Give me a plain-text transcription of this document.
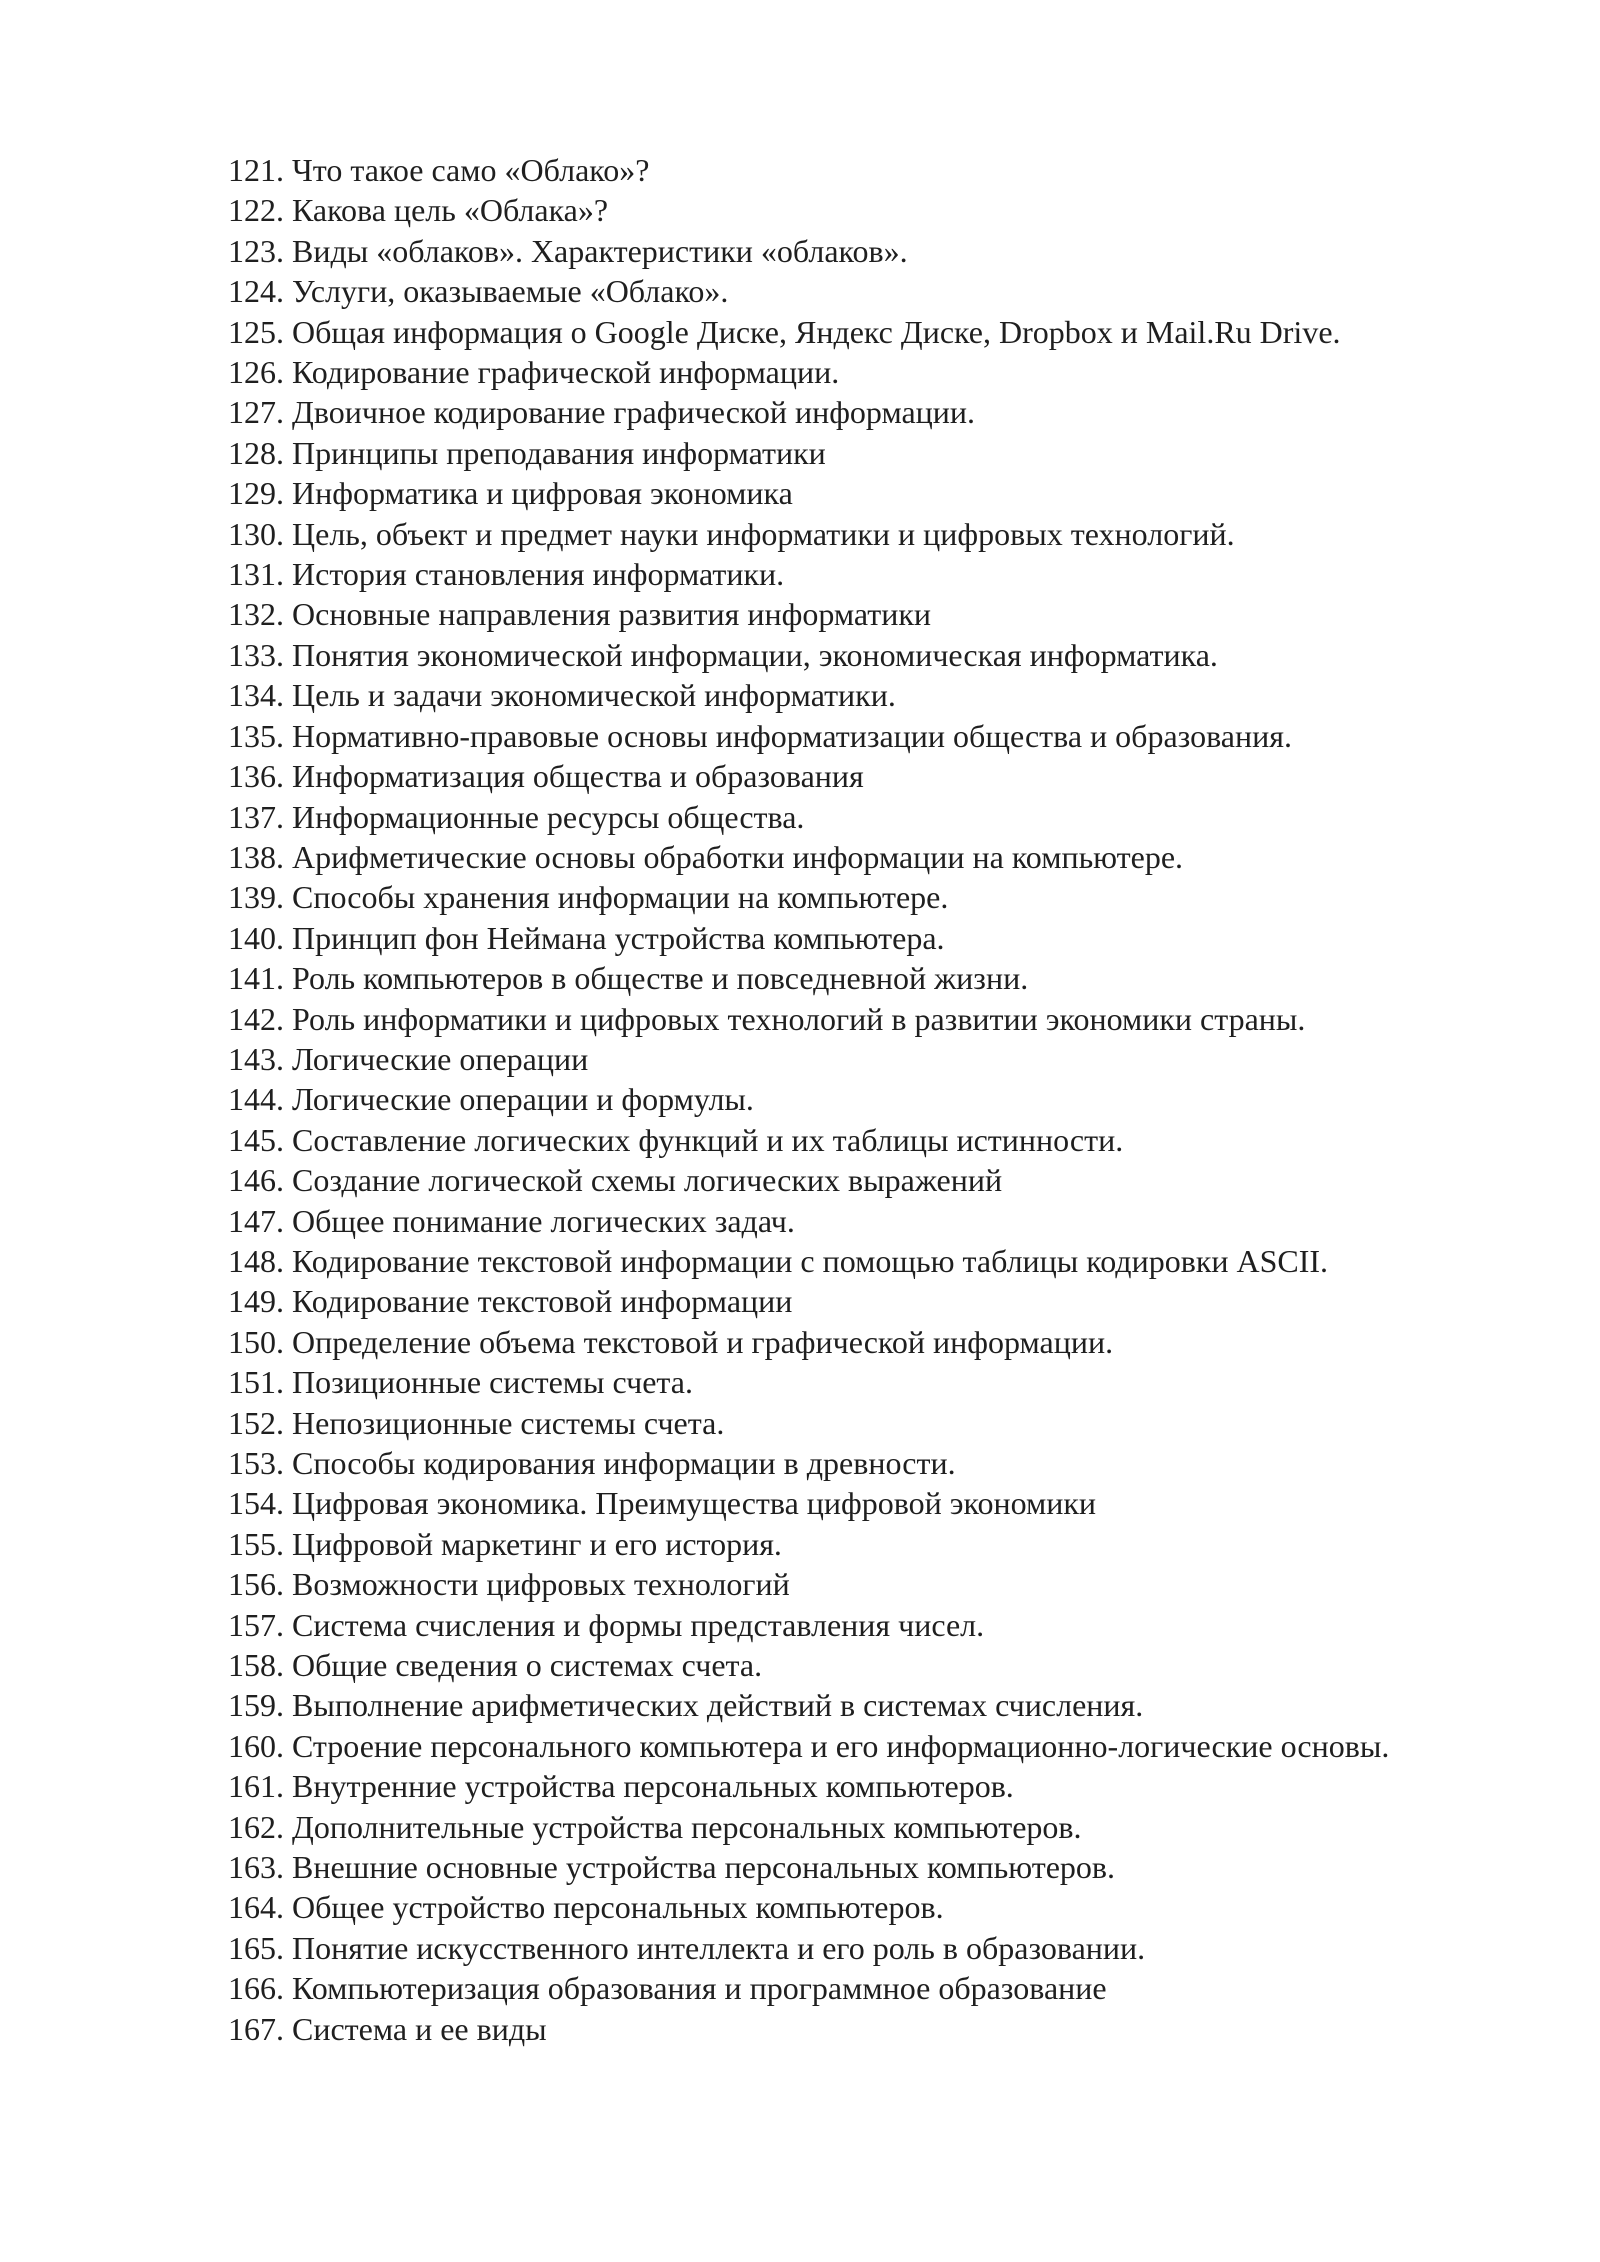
121. Что такое само «Облако»?
122. Какова цель «Облака»?
123. Виды «облаков». Характеристики «облаков».
124. Услуги, оказываемые «Облако».
125. Общая информация о Google Диске, Яндекс Диске, Dropbox и Mail.Ru Drive.
126. Кодирование графической информации.
127. Двоичное кодирование графической информации.
128. Принципы преподавания информатики
129. Информатика и цифровая экономика
130. Цель, объект и предмет науки информатики и цифровых технологий.
131. История становления информатики.
132. Основные направления развития информатики
133. Понятия экономической информации, экономическая информатика.
134. Цель и задачи экономической информатики.
135. Нормативно-правовые основы информатизации общества и образования.
136. Информатизация общества и образования
137. Информационные ресурсы общества.
138. Арифметические основы обработки информации на компьютере.
139. Способы хранения информации на компьютере.
140. Принцип фон Неймана устройства компьютера.
141. Роль компьютеров в обществе и повседневной жизни.
142. Роль информатики и цифровых технологий в развитии экономики страны.
143. Логические операции
144. Логические операции и формулы.
145. Составление логических функций и их таблицы истинности.
146. Создание логической схемы логических выражений
147. Общее понимание логических задач.
148. Кодирование текстовой информации с помощью таблицы кодировки ASCII.
149. Кодирование текстовой информации
150. Определение объема текстовой и графической информации.
151. Позиционные системы счета.
152. Непозиционные системы счета.
153. Способы кодирования информации в древности.
154. Цифровая экономика. Преимущества цифровой экономики
155. Цифровой маркетинг и его история.
156. Возможности цифровых технологий
157. Система счисления и формы представления чисел.
158. Общие сведения о системах счета.
159. Выполнение арифметических действий в системах счисления.
160. Строение персонального компьютера и его информационно-логические основы.
161. Внутренние устройства персональных компьютеров.
162. Дополнительные устройства персональных компьютеров.
163. Внешние основные устройства персональных компьютеров.
164. Общее устройство персональных компьютеров.
165. Понятие искусственного интеллекта и его роль в образовании.
166. Компьютеризация образования и программное образование
167. Система и ее виды
